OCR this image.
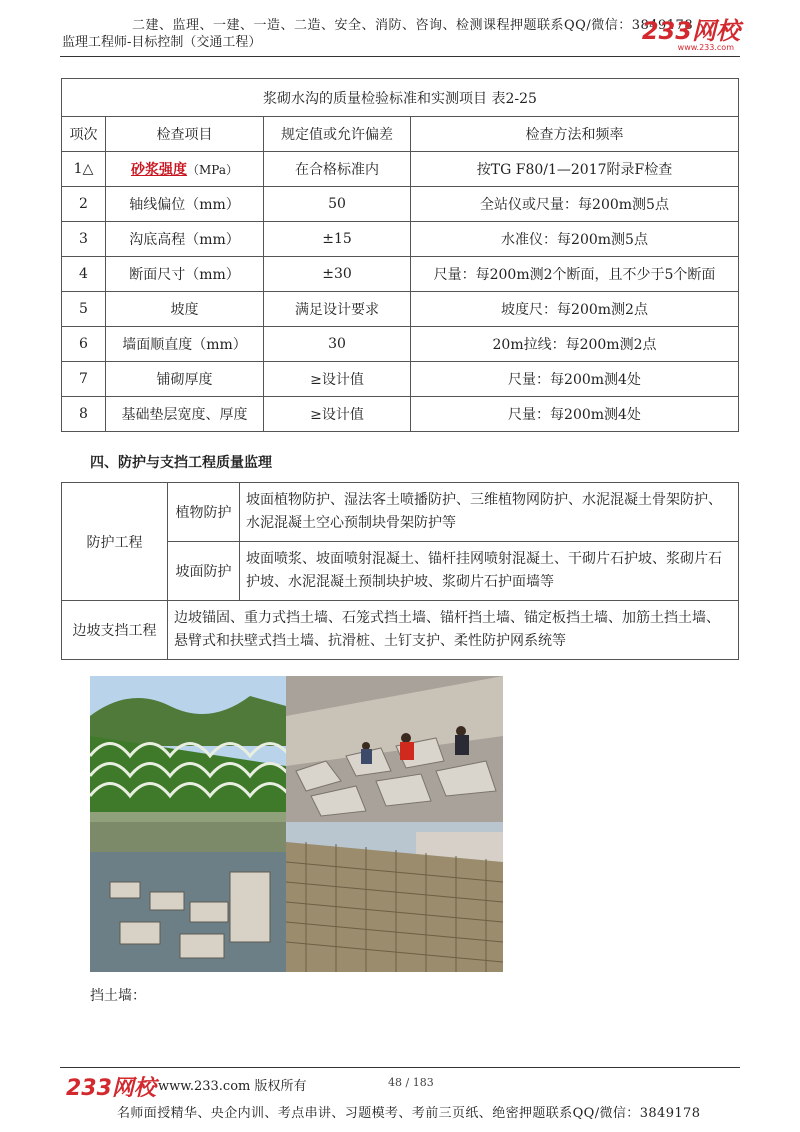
二建、监理、一建、一造、二造、安全、消防、咨询、检测课程押题联系QQ/微信：3849178
监理工程师-目标控制（交通工程）	233网校
www.233.com
浆砌水沟的质量检验标准和实测项目 表2-25			
项次	检查项目	规定值或允许偏差	检查方法和频率
1△	砂浆强度（MPa）	在合格标准内	按TG F80/1—2017附录F检查
2	轴线偏位（mm）	50	全站仪或尺量：每200m测5点
3	沟底高程（mm）	±15	水准仪：每200m测5点
4	断面尺寸（mm）	±30	尺量：每200m测2个断面，且不少于5个断面
5	坡度	满足设计要求	坡度尺：每200m测2点
6	墙面顺直度（mm）	30	20m拉线：每200m测2点
7	铺砌厚度	≥设计值	尺量：每200m测4处
8	基础垫层宽度、厚度	≥设计值	尺量：每200m测4处
四、防护与支挡工程质量监理
防护工程	植物防护	坡面植物防护、湿法客土喷播防护、三维植物网防护、水泥混凝土骨架防护、水泥混凝土空心预制块骨架防护等
	坡面防护	坡面喷浆、坡面喷射混凝土、锚杆挂网喷射混凝土、干砌片石护坡、浆砌片石护坡、水泥混凝土预制块护坡、浆砌片石护面墙等
边坡支挡工程	边坡锚固、重力式挡土墙、石笼式挡土墙、锚杆挡土墙、锚定板挡土墙、加筋土挡土墙、悬臂式和扶壁式挡土墙、抗滑桩、土钉支护、柔性防护网系统等	
挡土墙：
233网校 www.233.com 版权所有	48 / 183
名师面授精华、央企内训、考点串讲、习题模考、考前三页纸、绝密押题联系QQ/微信：3849178
